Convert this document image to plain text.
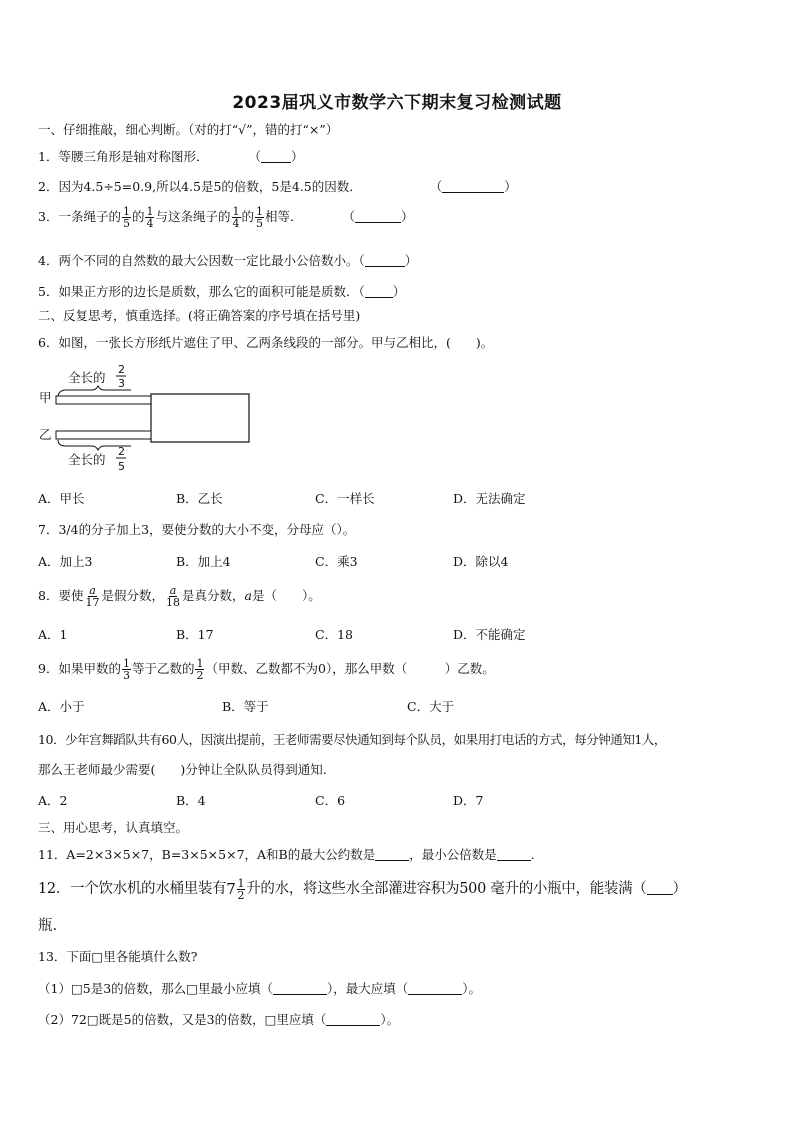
2023届巩义市数学六下期末复习检测试题
一、仔细推敲，细心判断。（对的打“√”，错的打“×”）
1．等腰三角形是轴对称图形．	（ ）
2．因为4.5÷5=0.9,所以4.5是5的倍数，5是4.5的因数．	（	）
3．一条绳子的 $\frac{1}{5}$ 的 $\frac{1}{4}$ 与这条绳子的 $\frac{1}{4}$ 的 $\frac{1}{5}$ 相等．	（	）
4．两个不同的自然数的最大公因数一定比最小公倍数小。（	）
5．如果正方形的边长是质数，那么它的面积可能是质数．（ ）
二、反复思考，慎重选择。(将正确答案的序号填在括号里)
6．如图，一张长方形纸片遮住了甲、乙两条线段的一部分。甲与乙相比，(　　)。
全长的
2
3
甲
乙
全长的
2
5
A．甲长	B．乙长	C．一样长	D．无法确定
7．3/4的分子加上3，要使分数的大小不变，分母应（）。
A．加上3	B．加上4	C．乘3	D．除以4
8．要使 $\frac{a}{17}$ 是假分数， $\frac{a}{18}$ 是真分数，a是（　　）。
A．1	B．17	C．18	D．不能确定
9．如果甲数的 $\frac{1}{3}$ 等于乙数的 $\frac{1}{2}$ （甲数、乙数都不为0），那么甲数（　　　）乙数。
A．小于	B．等于	C．大于
10．少年宫舞蹈队共有60人，因演出提前，王老师需要尽快通知到每个队员，如果用打电话的方式，每分钟通知1人，
那么王老师最少需要(　　)分钟让全队队员得到通知.
A．2	B．4	C．6	D．7
三、用心思考，认真填空。
11．A=2×3×5×7，B=3×5×5×7，A和B的最大公约数是	，最小公倍数是	.
12．一个饮水机的水桶里装有 $7 \frac{1}{2}$ 升的水，将这些水全部灌进容积为500 毫升的小瓶中，能装满（ ）
瓶.
13．下面□里各能填什么数?
（1）□5是3的倍数，那么□里最小应填（	），最大应填（	）。
（2）72□既是5的倍数，又是3的倍数，□里应填（	）。
